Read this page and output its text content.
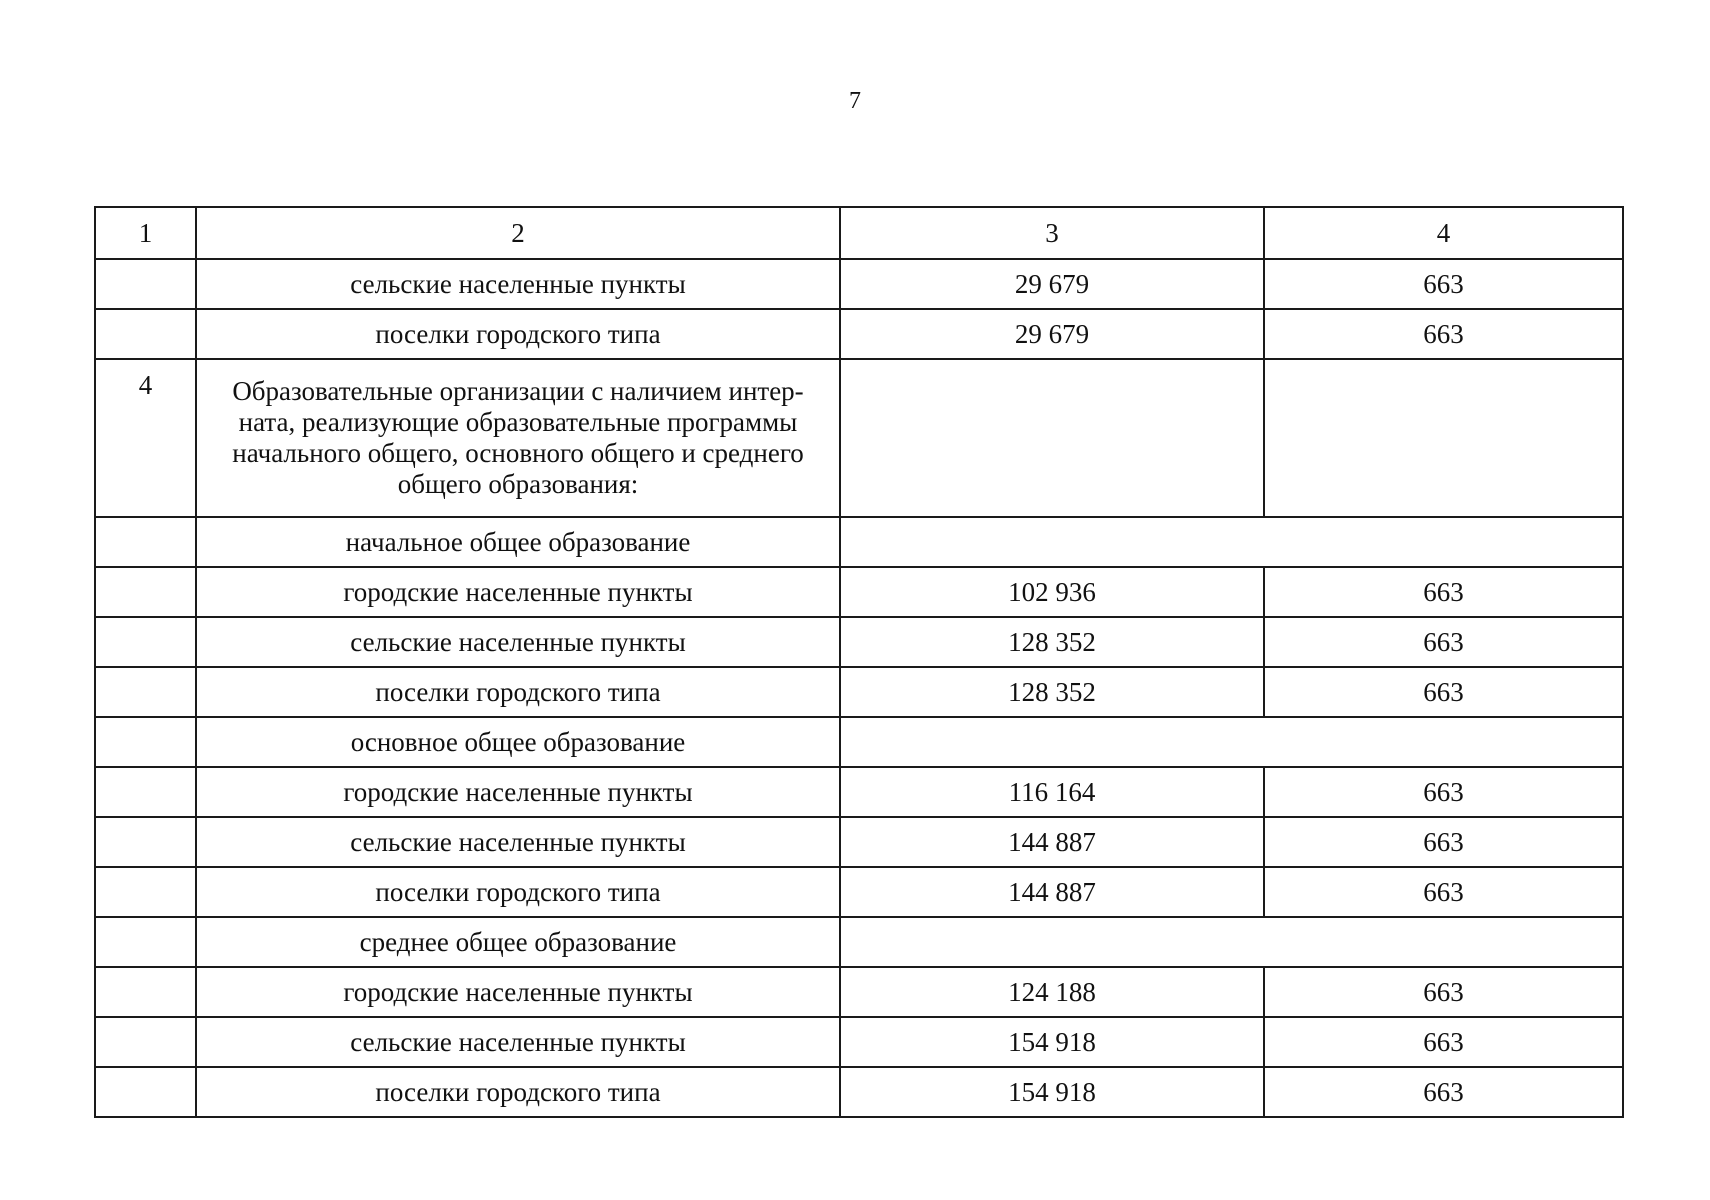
7
1	2	3	4
	сельские населенные пункты	29 679	663
	поселки городского типа	29 679	663
4	Образовательные организации с наличием интер-ната, реализующие образовательные программы начального общего, основного общего и среднего общего образования:		
	начальное общее образование		
	городские населенные пункты	102 936	663
	сельские населенные пункты	128 352	663
	поселки городского типа	128 352	663
	основное общее образование		
	городские населенные пункты	116 164	663
	сельские населенные пункты	144 887	663
	поселки городского типа	144 887	663
	среднее общее образование		
	городские населенные пункты	124 188	663
	сельские населенные пункты	154 918	663
	поселки городского типа	154 918	663
